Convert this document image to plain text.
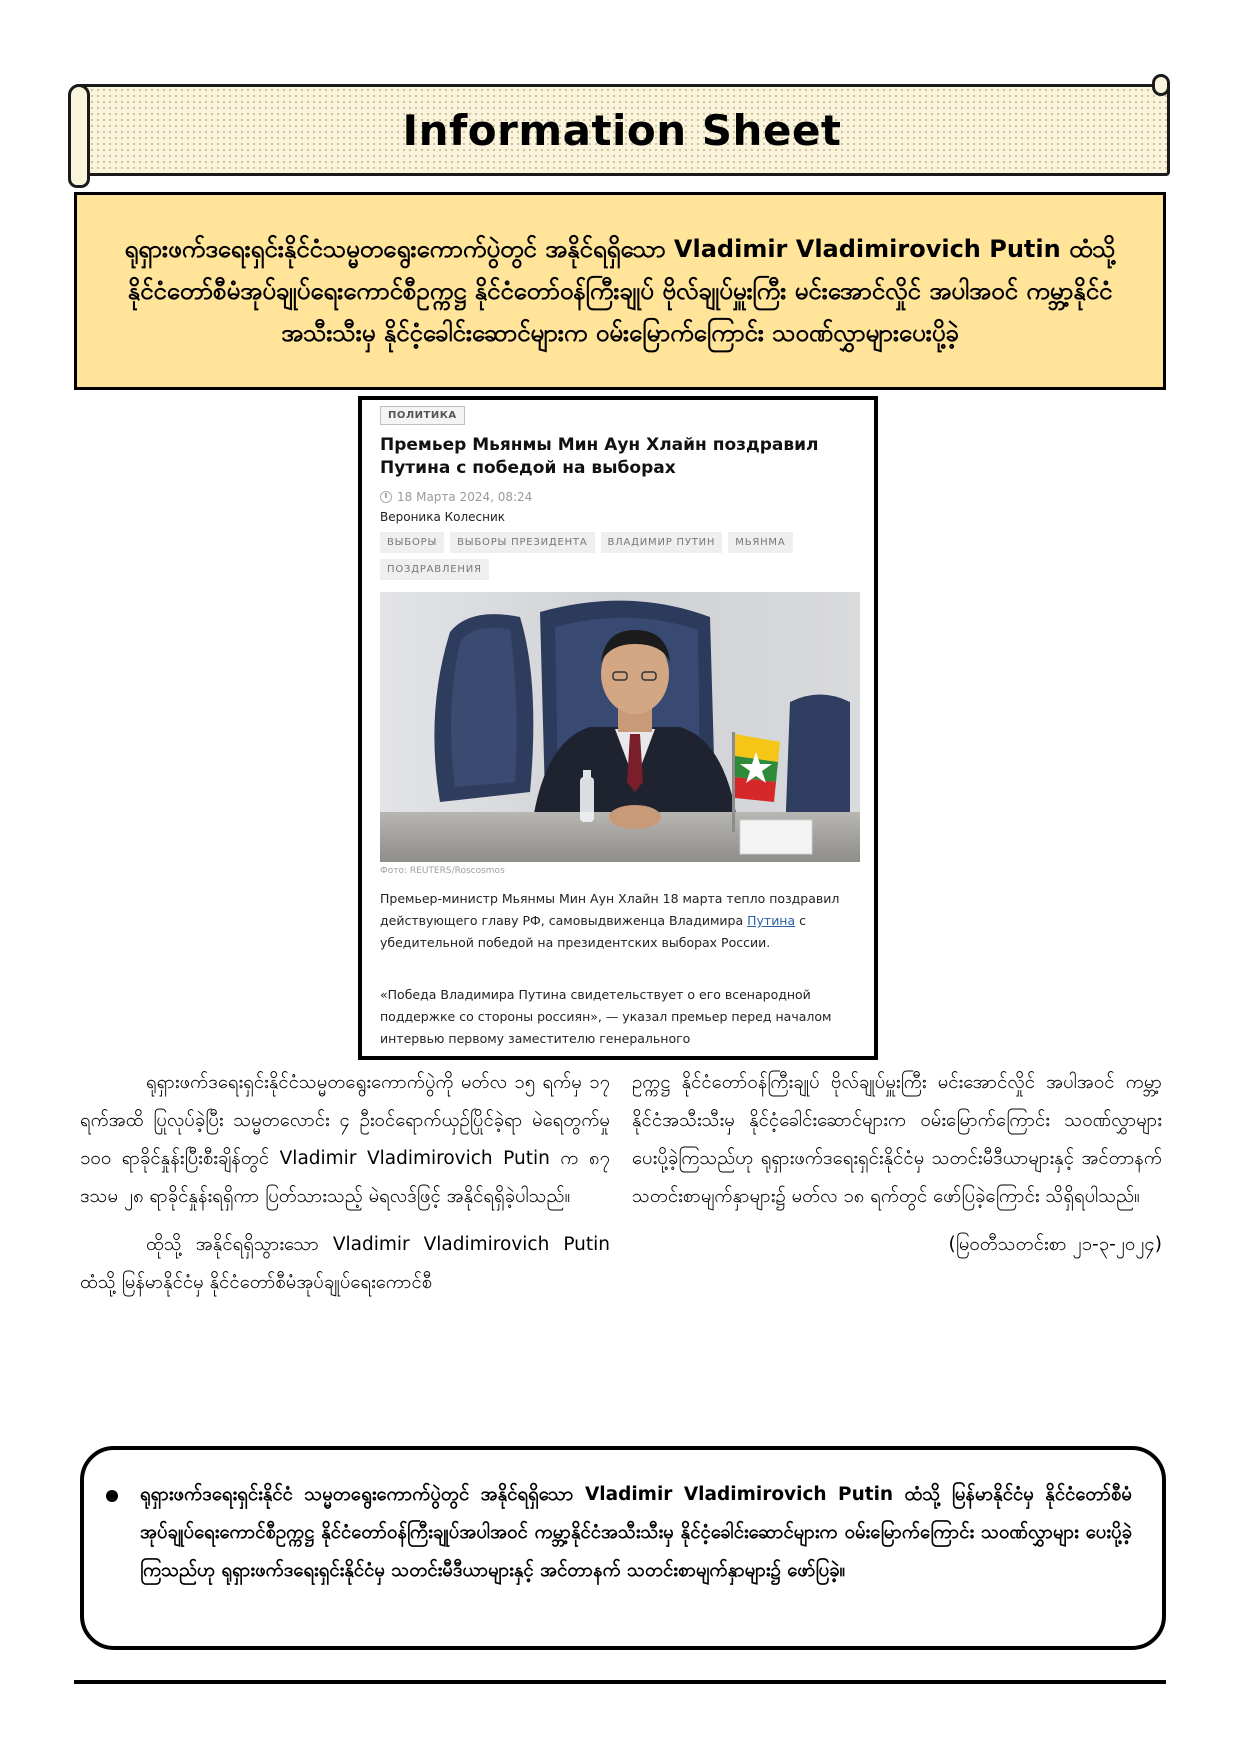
Information Sheet
ရုရှားဖက်ဒရေးရှင်းနိုင်ငံသမ္မတရွေးကောက်ပွဲတွင် အနိုင်ရရှိသော Vladimir Vladimirovich Putin ထံသို့ နိုင်ငံတော်စီမံအုပ်ချုပ်ရေးကောင်စီဥက္ကဋ္ဌ နိုင်ငံတော်ဝန်ကြီးချုပ် ဗိုလ်ချုပ်မှူးကြီး မင်းအောင်လှိုင် အပါအဝင် ကမ္ဘာ့နိုင်ငံအသီးသီးမှ နိုင်ငံ့ခေါင်းဆောင်များက ဝမ်းမြောက်ကြောင်း သဝဏ်လွှာများပေးပို့ခဲ့
ПОЛИТИКА
Премьер Мьянмы Мин Аун Хлайн поздравил Путина с победой на выборах
18 Марта 2024, 08:24
Вероника Колесник
ВЫБОРЫ	ВЫБОРЫ ПРЕЗИДЕНТА	ВЛАДИМИР ПУТИН	МЬЯНМА
ПОЗДРАВЛЕНИЯ
Фото: REUTERS/Roscosmos
Премьер-министр Мьянмы Мин Аун Хлайн 18 марта тепло поздравил действующего главу РФ, самовыдвиженца Владимира Путина с убедительной победой на президентских выборах России.
«Победа Владимира Путина свидетельствует о его всенародной поддержке со стороны россиян», — указал премьер перед началом интервью первому заместителю генерального

ရုရှားဖက်ဒရေးရှင်းနိုင်ငံသမ္မတရွေးကောက်ပွဲကို မတ်လ ၁၅ ရက်မှ ၁၇ ရက်အထိ ပြုလုပ်ခဲ့ပြီး သမ္မတလောင်း ၄ ဦးဝင်ရောက်ယှဉ်ပြိုင်ခဲ့ရာ မဲရေတွက်မှု ၁၀၀ ရာခိုင်နှုန်းပြီးစီးချိန်တွင် Vladimir Vladimirovich Putin က ၈၇ ဒသမ ၂၈ ရာခိုင်နှုန်းရရှိကာ ပြတ်သားသည့် မဲရလဒ်ဖြင့် အနိုင်ရရှိခဲ့ပါသည်။

ထိုသို့ အနိုင်ရရှိသွားသော Vladimir Vladimirovich Putin ထံသို့ မြန်မာနိုင်ငံမှ နိုင်ငံတော်စီမံအုပ်ချုပ်ရေးကောင်စီ

ဥက္ကဋ္ဌ နိုင်ငံတော်ဝန်ကြီးချုပ် ဗိုလ်ချုပ်မှူးကြီး မင်းအောင်လှိုင် အပါအဝင် ကမ္ဘာ့နိုင်ငံအသီးသီးမှ နိုင်ငံ့ခေါင်းဆောင်များက ဝမ်းမြောက်ကြောင်း သဝဏ်လွှာများ ပေးပို့ခဲ့ကြသည်ဟု ရုရှားဖက်ဒရေးရှင်းနိုင်ငံမှ သတင်းမီဒီယာများနှင့် အင်တာနက်သတင်းစာမျက်နှာများ၌ မတ်လ ၁၈ ရက်တွင် ဖော်ပြခဲ့ကြောင်း သိရှိရပါသည်။

(မြဝတီသတင်းစာ ၂၁-၃-၂၀၂၄)

ရုရှားဖက်ဒရေးရှင်းနိုင်ငံ သမ္မတရွေးကောက်ပွဲတွင် အနိုင်ရရှိသော Vladimir Vladimirovich Putin ထံသို့ မြန်မာနိုင်ငံမှ နိုင်ငံတော်စီမံအုပ်ချုပ်ရေးကောင်စီဥက္ကဋ္ဌ နိုင်ငံတော်ဝန်ကြီးချုပ်အပါအဝင် ကမ္ဘာ့နိုင်ငံအသီးသီးမှ နိုင်ငံ့ခေါင်းဆောင်များက ဝမ်းမြောက်ကြောင်း သဝဏ်လွှာများ ပေးပို့ခဲ့ကြသည်ဟု ရုရှားဖက်ဒရေးရှင်းနိုင်ငံမှ သတင်းမီဒီယာများနှင့် အင်တာနက် သတင်းစာမျက်နှာများ၌ ဖော်ပြခဲ့။
